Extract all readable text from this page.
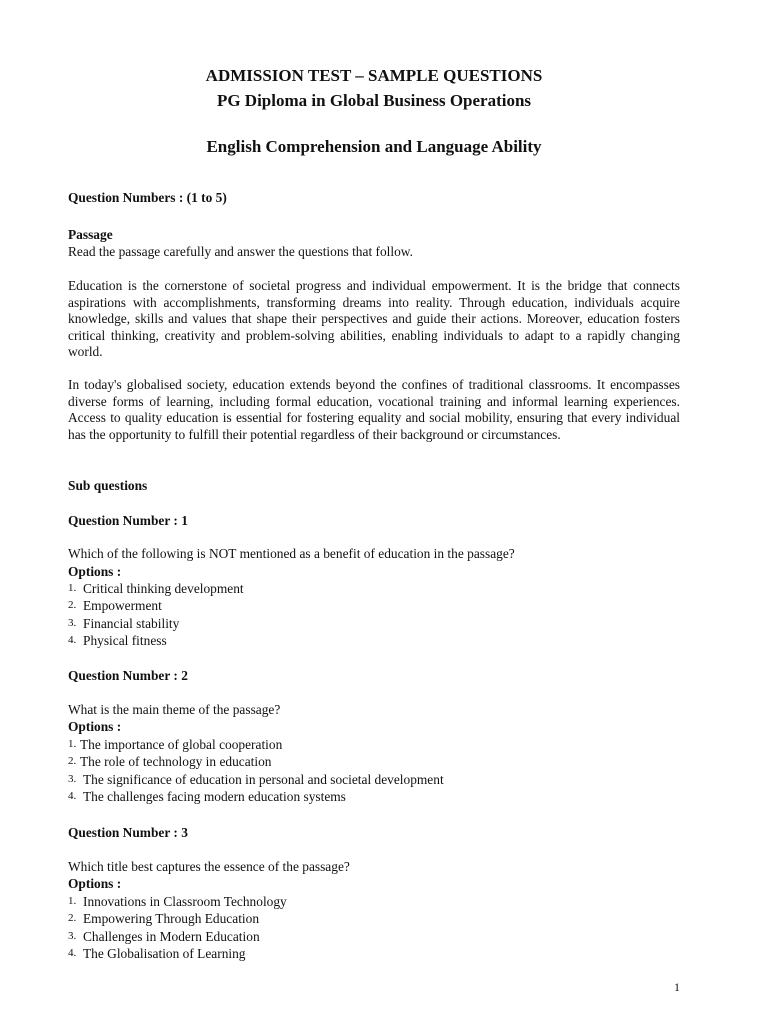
ADMISSION TEST – SAMPLE QUESTIONS

PG Diploma in Global Business Operations

English Comprehension and Language Ability

Question Numbers : (1 to 5)
Passage
Read the passage carefully and answer the questions that follow.
Education is the cornerstone of societal progress and individual empowerment. It is the bridge that connects aspirations with accomplishments, transforming dreams into reality. Through education, individuals acquire knowledge, skills and values that shape their perspectives and guide their actions. Moreover, education fosters critical thinking, creativity and problem-solving abilities, enabling individuals to adapt to a rapidly changing world.
In today's globalised society, education extends beyond the confines of traditional classrooms. It encompasses diverse forms of learning, including formal education, vocational training and informal learning experiences. Access to quality education is essential for fostering equality and social mobility, ensuring that every individual has the opportunity to fulfill their potential regardless of their background or circumstances.
Sub questions
Question Number : 1
Which of the following is NOT mentioned as a benefit of education in the passage?
Options :
1. Critical thinking development
2. Empowerment
3. Financial stability
4. Physical fitness
Question Number : 2
What is the main theme of the passage?
Options :
1. The importance of global cooperation
2. The role of technology in education
3. The significance of education in personal and societal development
4. The challenges facing modern education systems
Question Number : 3
Which title best captures the essence of the passage?
Options :
1. Innovations in Classroom Technology
2. Empowering Through Education
3. Challenges in Modern Education
4. The Globalisation of Learning
1
